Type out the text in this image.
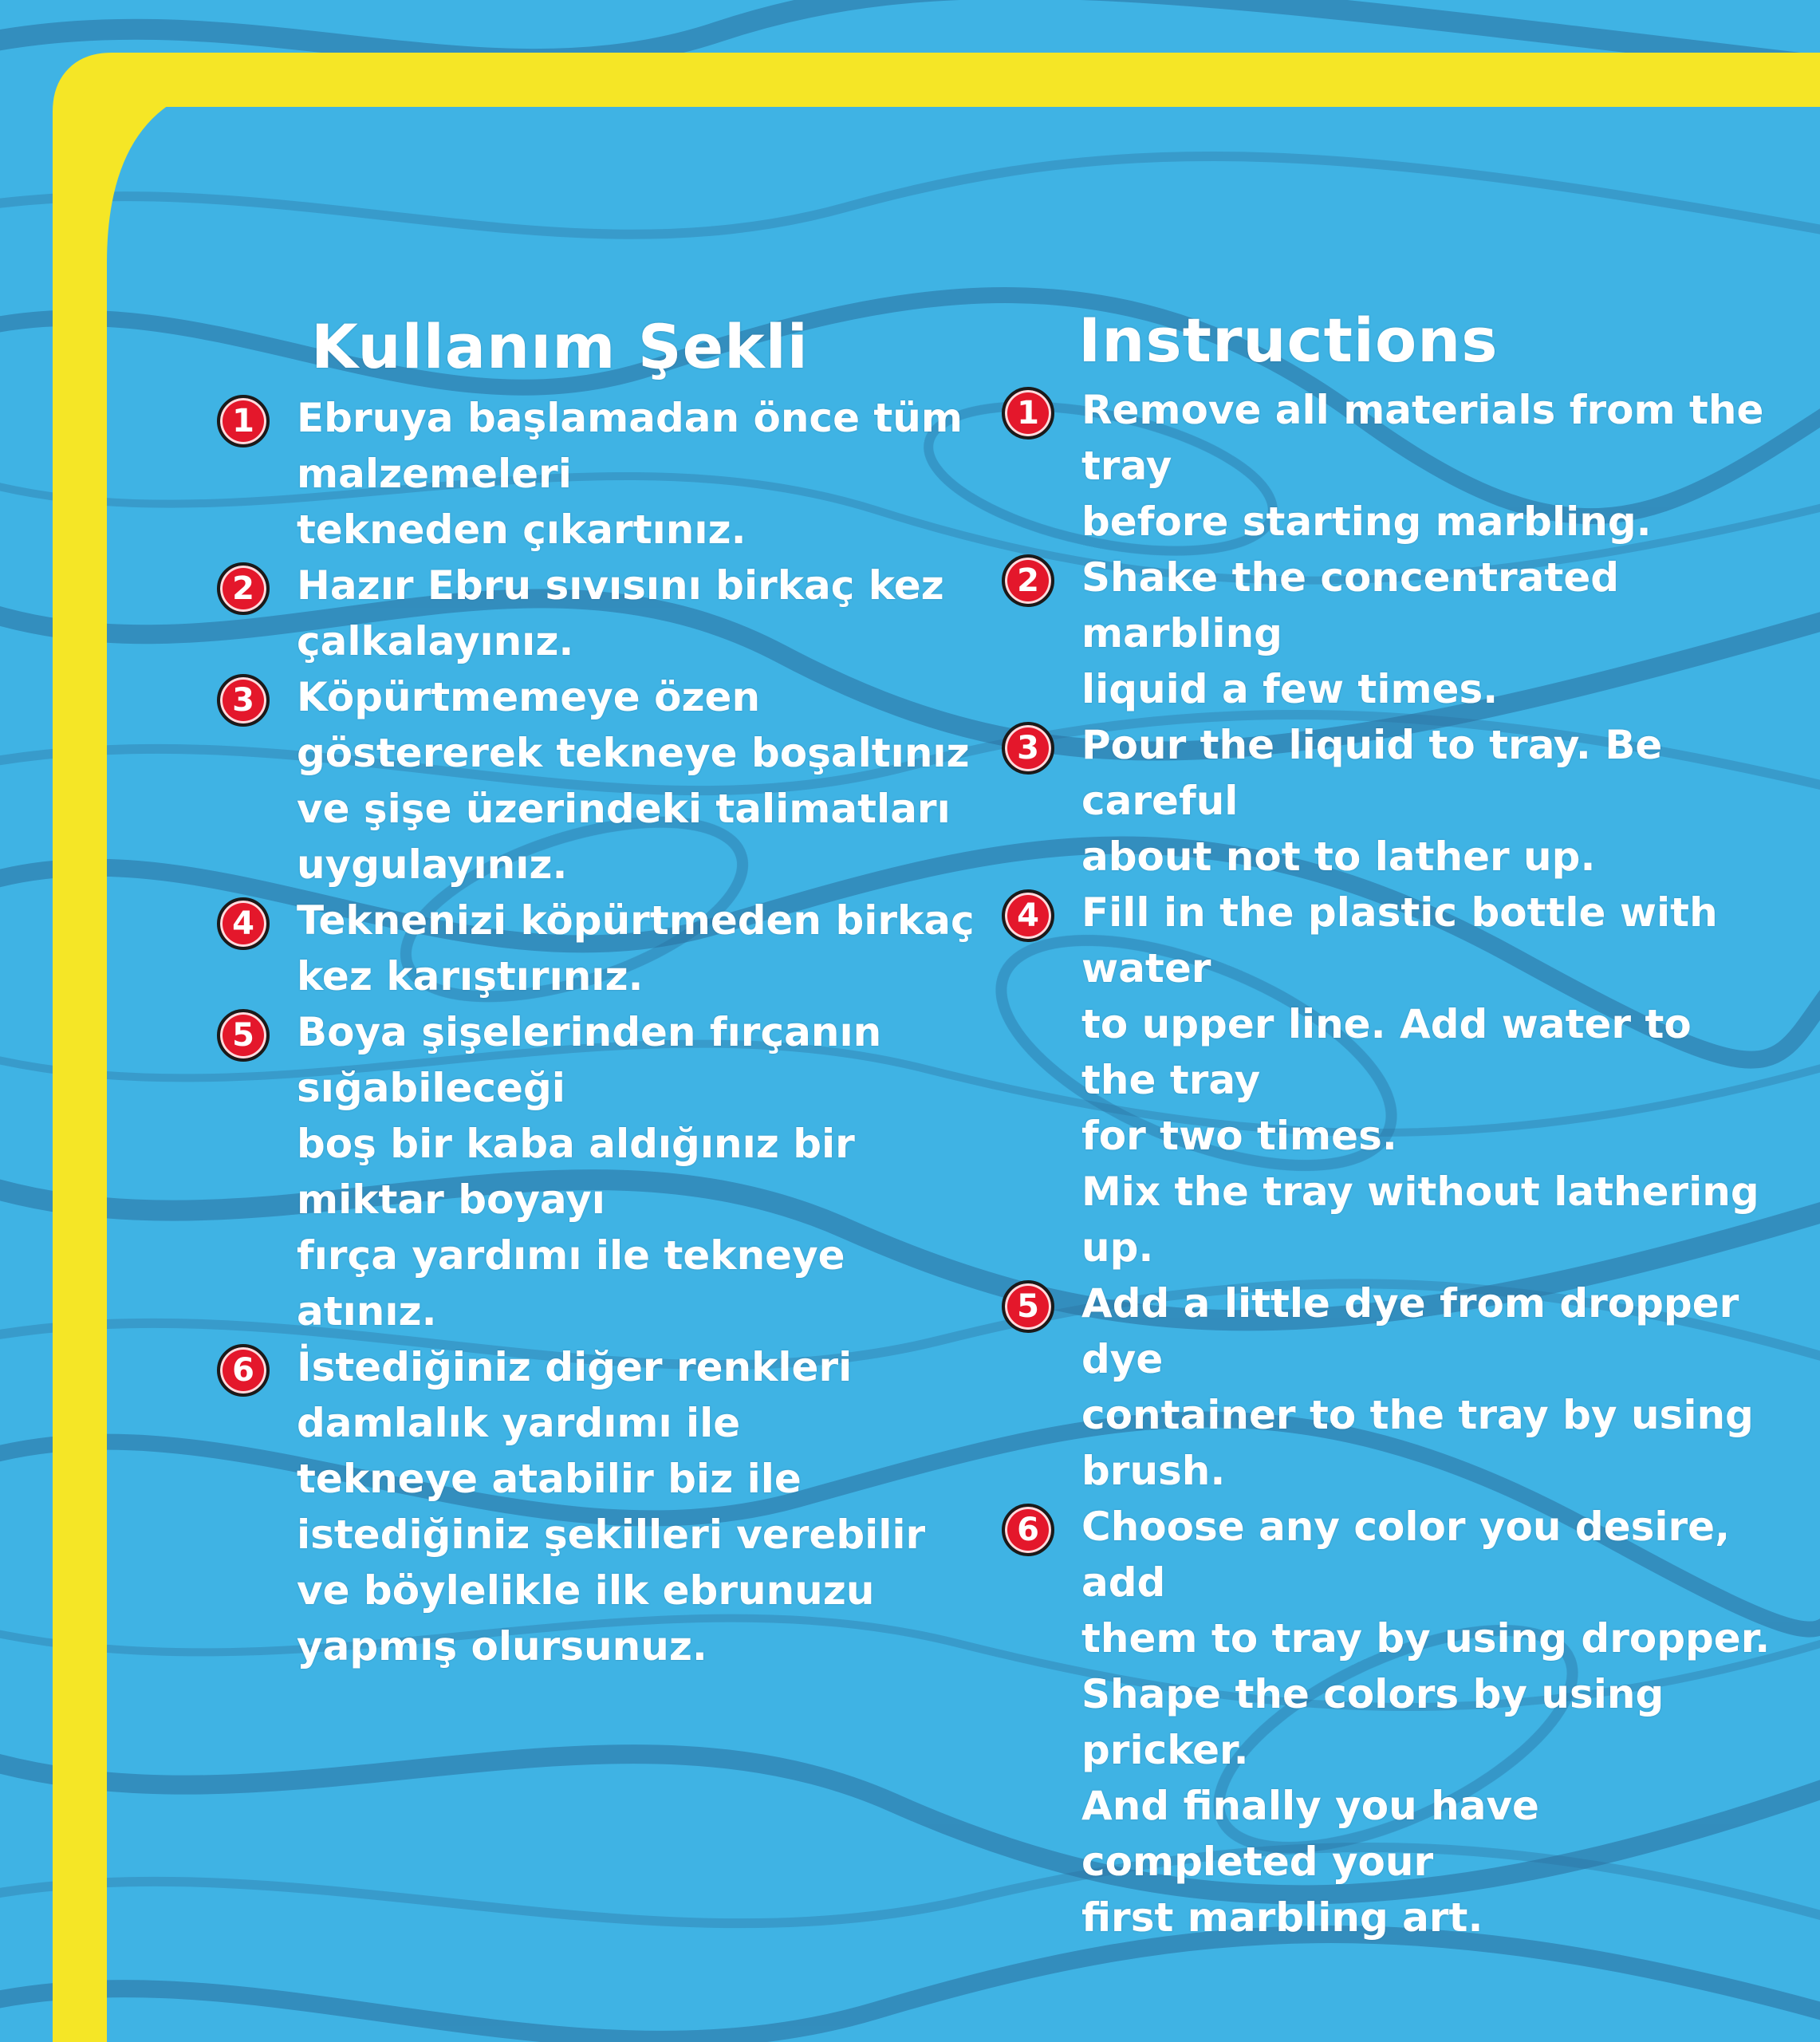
Kullanım Şekli
1	Ebruya başlamadan önce tüm
malzemeleri
tekneden çıkartınız.
2	Hazır Ebru sıvısını birkaç kez
çalkalayınız.
3	Köpürtmemeye özen
göstererek tekneye boşaltınız
ve şişe üzerindeki talimatları
uygulayınız.
4	Teknenizi köpürtmeden birkaç
kez karıştırınız.
5	Boya şişelerinden fırçanın
sığabileceği
boş bir kaba aldığınız bir
miktar boyayı
fırça yardımı ile tekneye
atınız.
6	İstediğiniz diğer renkleri
damlalık yardımı ile
tekneye atabilir biz ile
istediğiniz şekilleri verebilir
ve böylelikle ilk ebrunuzu
yapmış olursunuz.
Instructions
1	Remove all materials from the
tray
before starting marbling.
2	Shake the concentrated
marbling
liquid a few times.
3	Pour the liquid to tray. Be
careful
about not to lather up.
4	Fill in the plastic bottle with
water
to upper line. Add water to
the tray
for two times.
Mix the tray without lathering
up.
5	Add a little dye from dropper
dye
container to the tray by using
brush.
6	Choose any color you desire,
add
them to tray by using dropper.
Shape the colors by using
pricker.
And finally you have
completed your
first marbling art.
